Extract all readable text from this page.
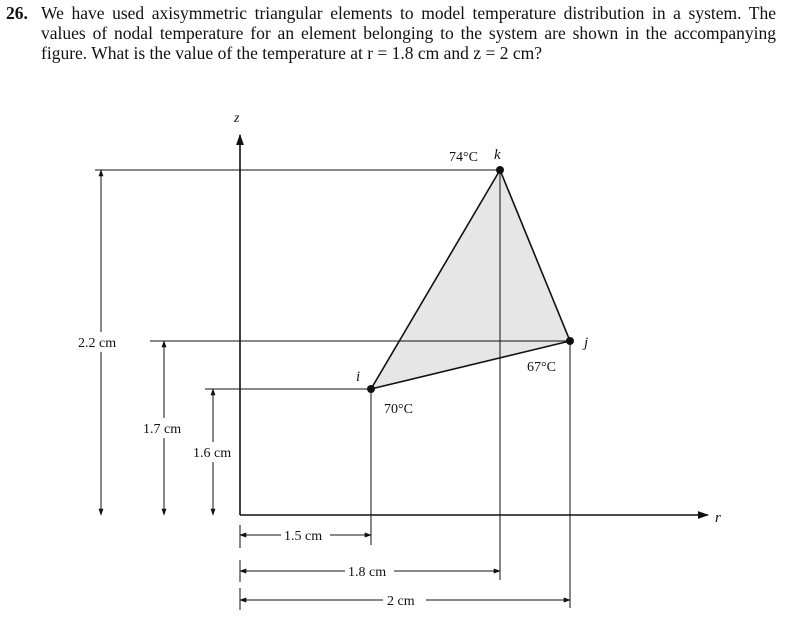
26. We have used axisymmetric triangular elements to model temperature distribution in a system. The values of nodal temperature for an element belonging to the system are shown in the accompanying figure. What is the value of the temperature at r = 1.8 cm and z = 2 cm?
z
r
2.2 cm
1.7 cm
1.6 cm
1.5 cm
1.8 cm
2 cm
i
j
k
70°C
67°C
74°C
